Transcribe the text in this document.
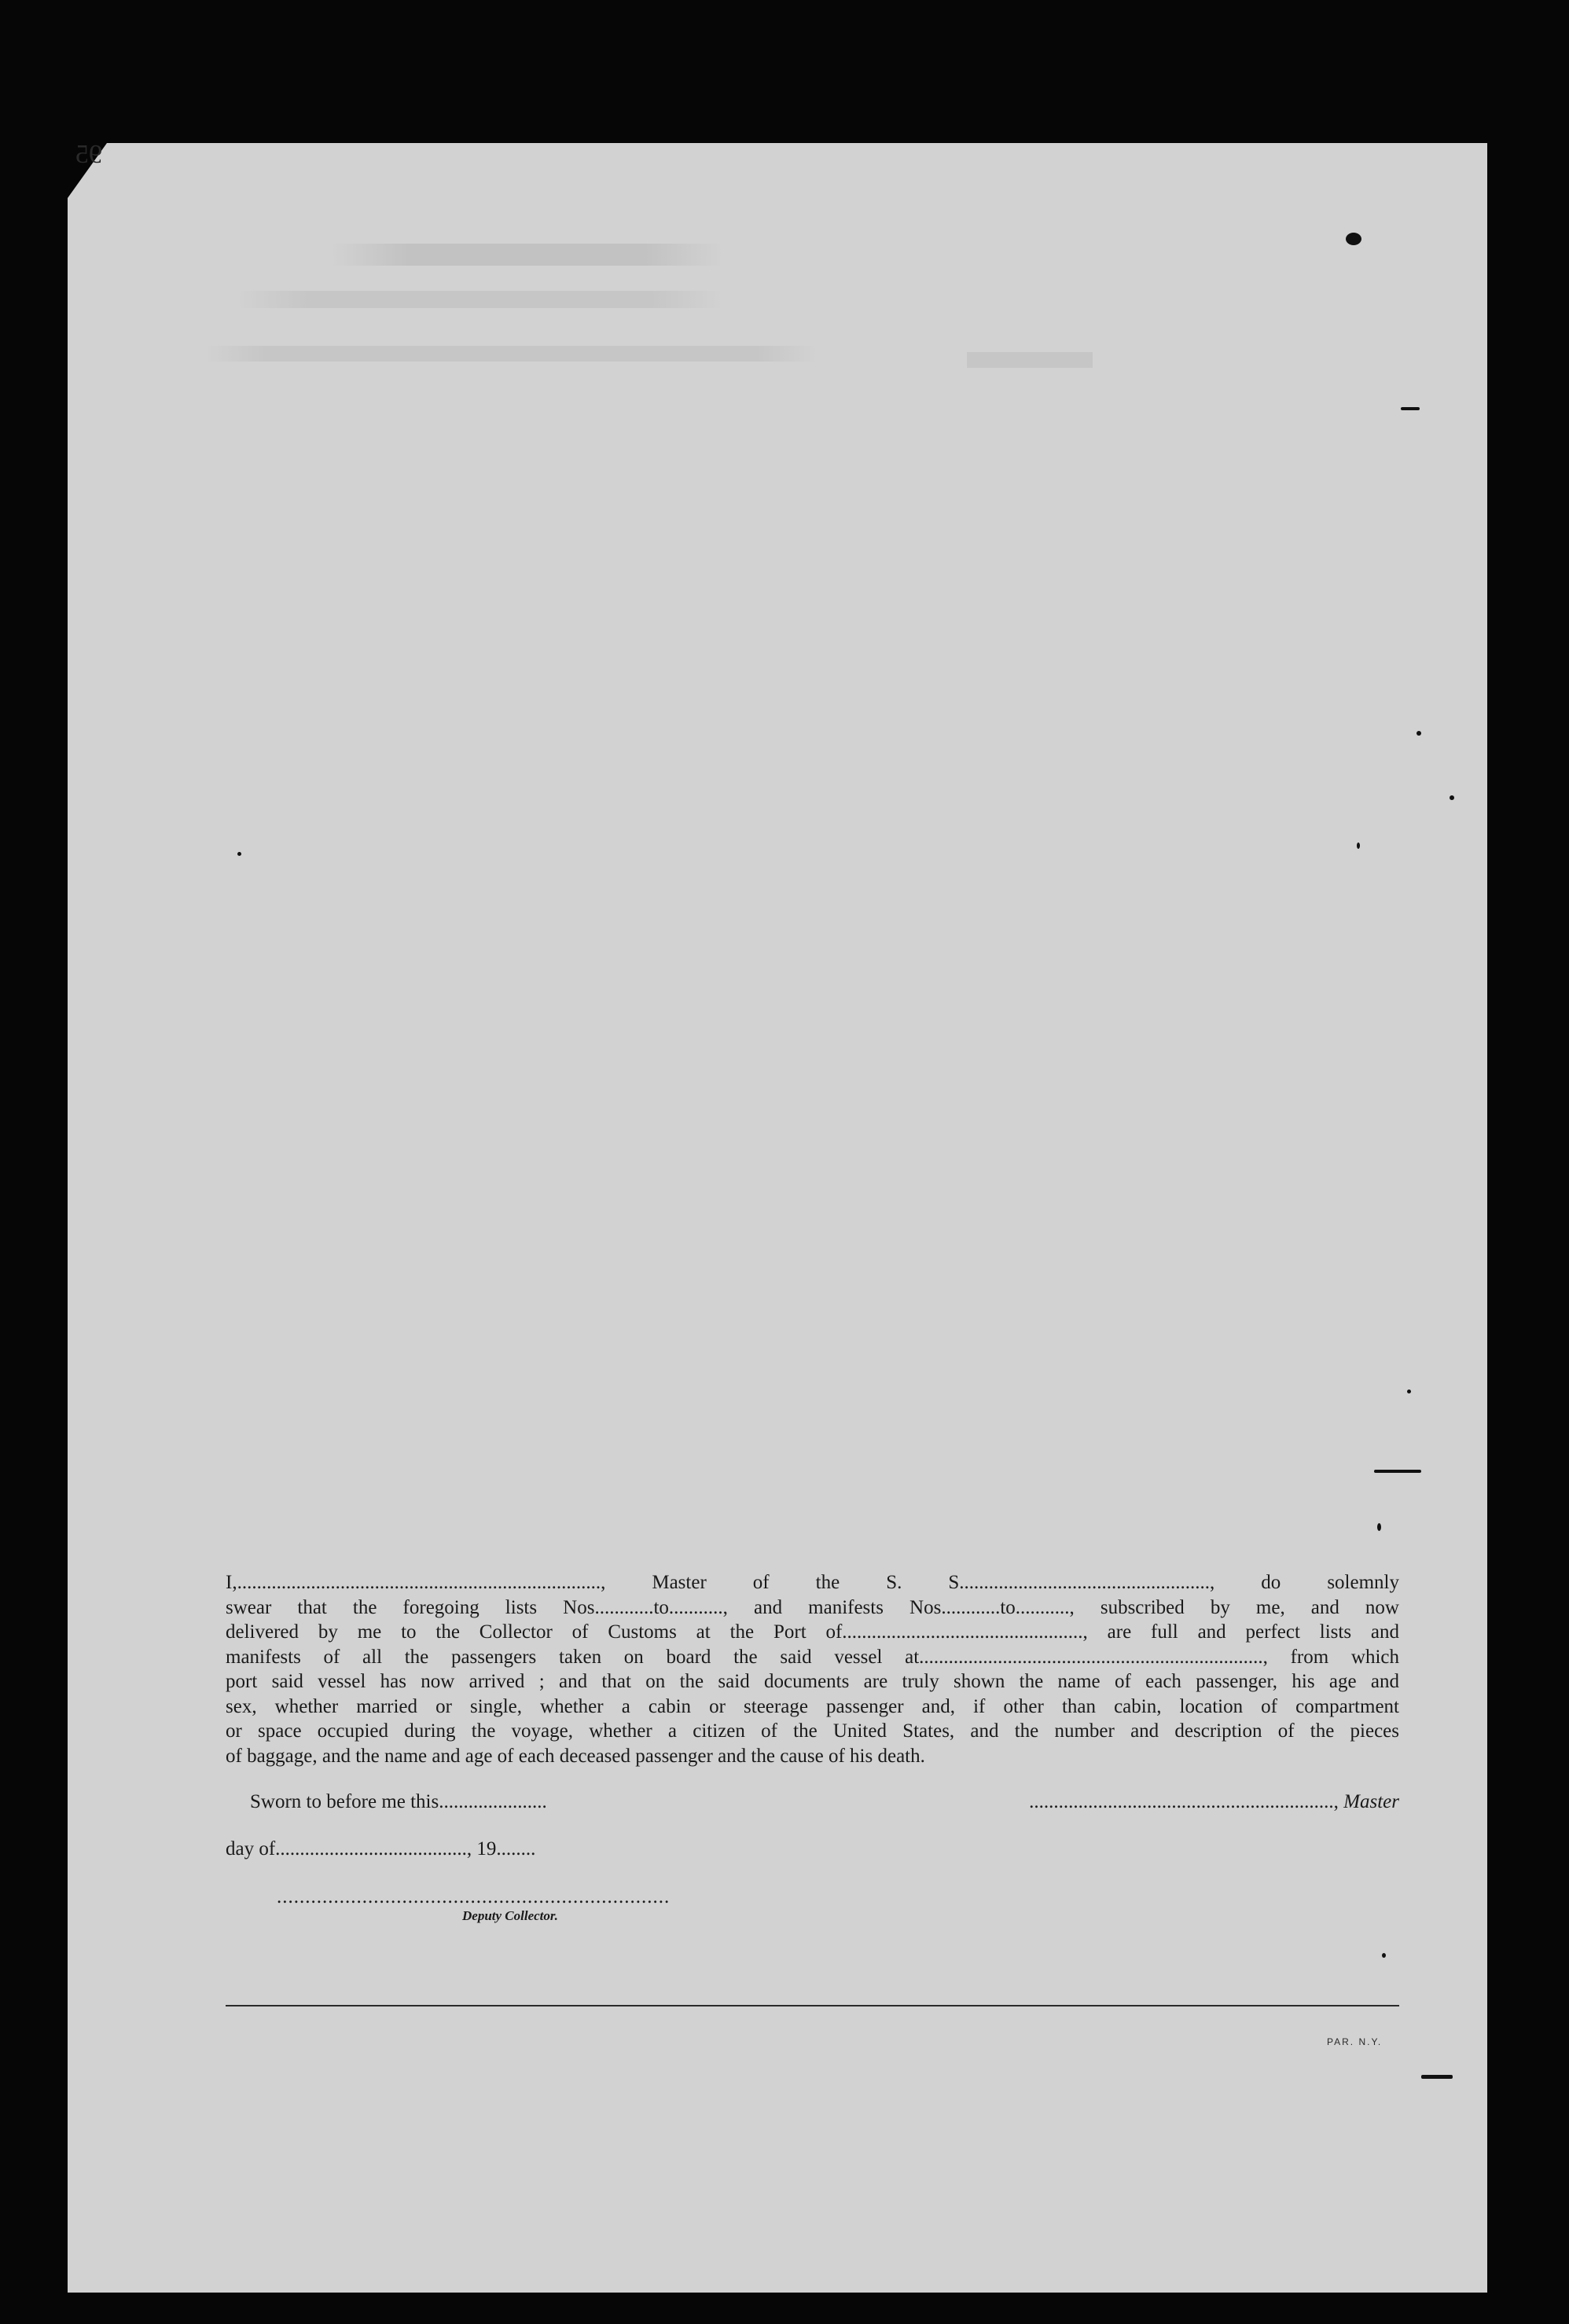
95
I,.........................................................................., Master of the S. S..................................................., do solemnly
swear that the foregoing lists Nos............to..........., and manifests Nos............to..........., subscribed by me, and now
delivered by me to the Collector of Customs at the Port of................................................., are full and perfect lists and
manifests of all the passengers taken on board the said vessel at......................................................................, from which
port said vessel has now arrived ; and that on the said documents are truly shown the name of each passenger, his age and
sex, whether married or single, whether a cabin or steerage passenger and, if other than cabin, location of compartment
or space occupied during the voyage, whether a citizen of the United States, and the number and description of the pieces
of baggage, and the name and age of each deceased passenger and the cause of his death.
Sworn to before me this......................	.............................................................., Master
day of......................................., 19........
.....................................................................
Deputy Collector.
PAR. N.Y.
